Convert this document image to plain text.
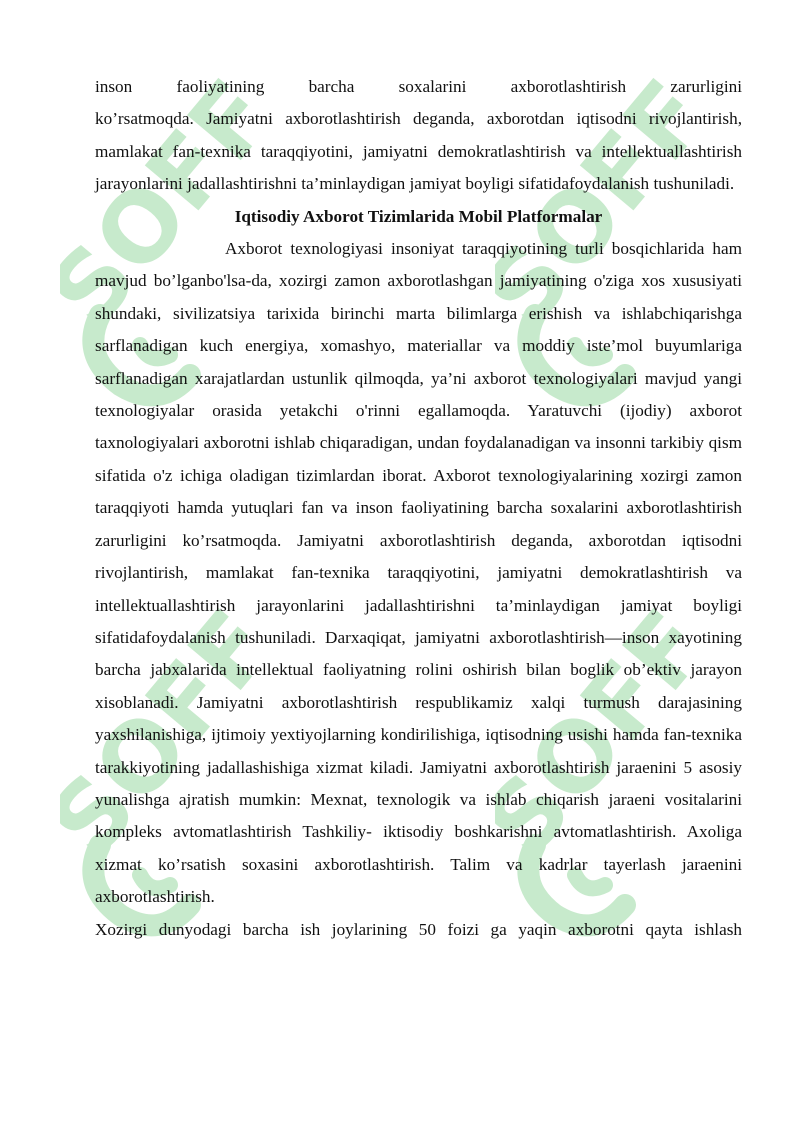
SOFF SOFF
SOFF SOFF

inson faoliyatining barcha soxalarini axborotlashtirish zarurligini

ko’rsatmoqda. Jamiyatni axborotlashtirish deganda, axborotdan iqtisodni rivojlantirish, mamlakat fan-texnika taraqqiyotini, jamiyatni demokratlashtirish va intellektuallashtirish jarayonlarini jadallashtirishni ta’minlaydigan jamiyat boyligi sifatidafoydalanish tushuniladi.

Iqtisodiy Axborot Tizimlarida Mobil Platformalar

Axborot texnologiyasi insoniyat taraqqiyotining turli bosqichlarida ham mavjud bo’lganbo'lsa-da, xozirgi zamon axborotlashgan jamiyatining o'ziga xos xususiyati shundaki, sivilizatsiya tarixida birinchi marta bilimlarga erishish va ishlabchiqarishga sarflanadigan kuch energiya, xomashyo, materiallar va moddiy iste’mol buyumlariga sarflanadigan xarajatlardan ustunlik qilmoqda, ya’ni axborot texnologiyalari mavjud yangi texnologiyalar orasida yetakchi o'rinni egallamoqda. Yaratuvchi (ijodiy) axborot taxnologiyalari axborotni ishlab chiqaradigan, undan foydalanadigan va insonni tarkibiy qism sifatida o'z ichiga oladigan tizimlardan iborat. Axborot texnologiyalarining xozirgi zamon taraqqiyoti hamda yutuqlari fan va inson faoliyatining barcha soxalarini axborotlashtirish zarurligini ko’rsatmoqda. Jamiyatni axborotlashtirish deganda, axborotdan iqtisodni rivojlantirish, mamlakat fan-texnika taraqqiyotini, jamiyatni demokratlashtirish va intellektuallashtirish jarayonlarini jadallashtirishni ta’minlaydigan jamiyat boyligi sifatidafoydalanish tushuniladi. Darxaqiqat, jamiyatni axborotlashtirish—inson xayotining barcha jabxalarida intellektual faoliyatning rolini oshirish bilan boglik ob’ektiv jarayon xisoblanadi. Jamiyatni axborotlashtirish respublikamiz xalqi turmush darajasining yaxshilanishiga, ijtimoiy yextiyojlarning kondirilishiga, iqtisodning usishi hamda fan-texnika tarakkiyotining jadallashishiga xizmat kiladi. Jamiyatni axborotlashtirish jaraenini 5 asosiy yunalishga ajratish mumkin: Mexnat, texnologik va ishlab chiqarish jaraeni vositalarini kompleks avtomatlashtirish Tashkiliy- iktisodiy boshkarishni avtomatlashtirish. Axoliga xizmat ko’rsatish soxasini axborotlashtirish. Talim va kadrlar tayerlash jaraenini axborotlashtirish.

Xozirgi dunyodagi barcha ish joylarining 50 foizi ga yaqin axborotni qayta ishlash
